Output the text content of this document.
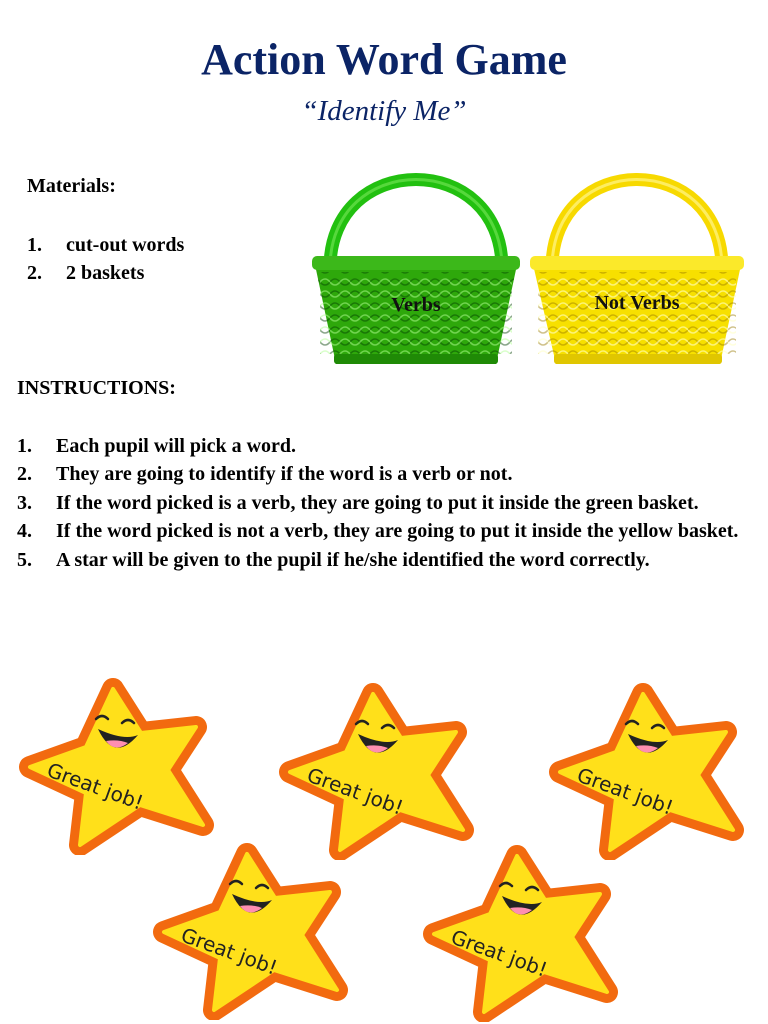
Action Word Game
“Identify Me”
Materials:
1. cut-out words
2. 2 baskets
Verbs	Not Verbs
INSTRUCTIONS:
1. Each pupil will pick a word.
2. They are going to identify if the word is a verb or not.
3. If the word picked is a verb, they are going to put it inside the green basket.
4. If the word picked is not a verb, they are going to put it inside the yellow basket.
5. A star will be given to the pupil if he/she identified the word correctly.
Great job!	Great job!	Great job!
Great job!	Great job!
